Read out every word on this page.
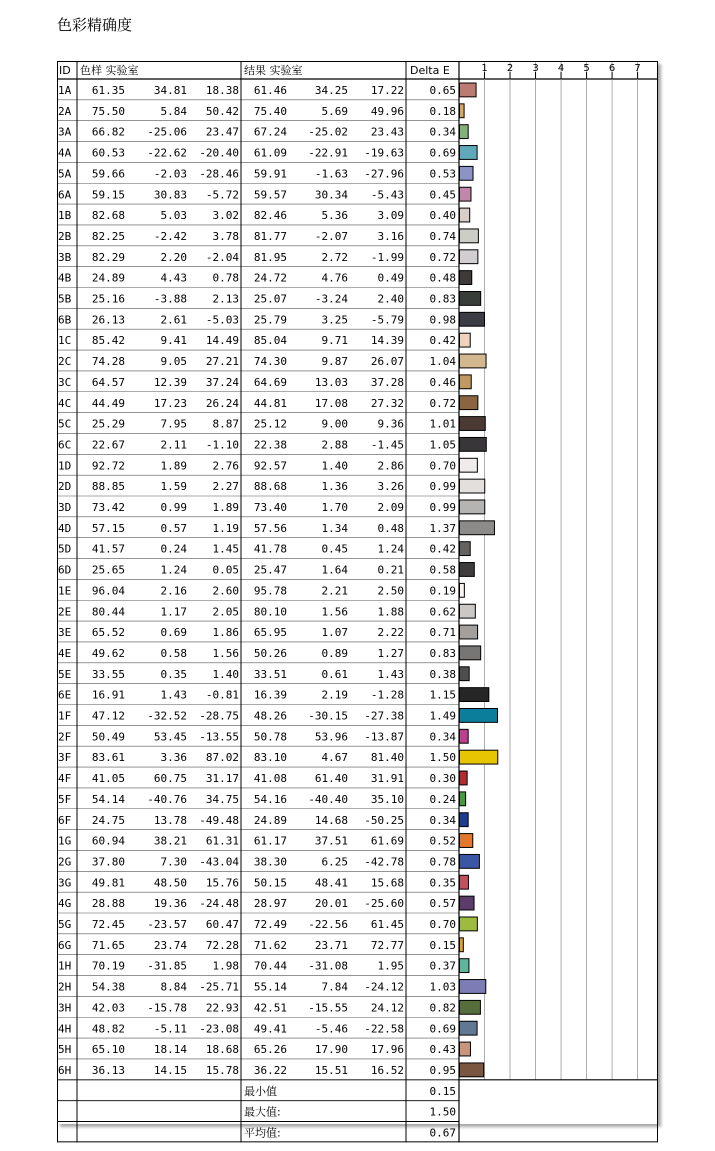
色彩精确度
ID 色样 实验室	结果 实验室	Delta E	1 2 3 4 5 6 7
1A 61.35	34.81 18.38 61.46	34.25 17.22 0.65
2A 75.50	5.84 50.42 75.40	5.69 49.96 0.18
3A 66.82 -25.06 23.47 67.24 -25.02 23.43 0.34
4A 60.53 -22.62 -20.40 61.09 -22.91 -19.63 0.69
5A 59.66	-2.03 -28.46 59.91	-1.63 -27.96 0.53
6A 59.15	30.83 -5.72 59.57	30.34 -5.43 0.45
1B 82.68	5.03 3.02 82.46	5.36	3.09 0.40
2B 82.25	-2.42 3.78 81.77	-2.07	3.16 0.74
3B 82.29	2.20 -2.04 81.95	2.72 -1.99 0.72
4B 24.89	4.43 0.78 24.72	4.76	0.49 0.48
5B 25.16	-3.88 2.13 25.07	-3.24	2.40 0.83
6B 26.13	2.61 -5.03 25.79	3.25 -5.79 0.98
1C 85.42	9.41 14.49 85.04	9.71 14.39 0.42
2C 74.28	9.05 27.21 74.30	9.87 26.07 1.04
3C 64.57	12.39 37.24 64.69	13.03 37.28 0.46
4C 44.49	17.23 26.24 44.81	17.08 27.32 0.72
5C 25.29	7.95 8.87 25.12	9.00	9.36 1.01
6C 22.67	2.11 -1.10 22.38	2.88 -1.45 1.05
1D 92.72	1.89 2.76 92.57	1.40	2.86 0.70
2D 88.85	1.59 2.27 88.68	1.36	3.26 0.99
3D 73.42	0.99 1.89 73.40	1.70	2.09 0.99
4D 57.15	0.57 1.19 57.56	1.34	0.48 1.37
5D 41.57	0.24 1.45 41.78	0.45	1.24 0.42
6D 25.65	1.24 0.05 25.47	1.64	0.21 0.58
1E 96.04	2.16 2.60 95.78	2.21	2.50 0.19
2E 80.44	1.17 2.05 80.10	1.56	1.88 0.62
3E 65.52	0.69 1.86 65.95	1.07	2.22 0.71
4E 49.62	0.58 1.56 50.26	0.89	1.27 0.83
5E 33.55	0.35 1.40 33.51	0.61	1.43 0.38
6E 16.91	1.43 -0.81 16.39	2.19 -1.28 1.15
1F 47.12 -32.52 -28.75 48.26 -30.15 -27.38 1.49
2F 50.49	53.45 -13.55 50.78	53.96 -13.87 0.34
3F 83.61	3.36 87.02 83.10	4.67 81.40 1.50
4F 41.05	60.75 31.17 41.08	61.40 31.91 0.30
5F 54.14 -40.76 34.75 54.16 -40.40 35.10 0.24
6F 24.75	13.78 -49.48 24.89	14.68 -50.25 0.34
1G 60.94	38.21 61.31 61.17	37.51 61.69 0.52
2G 37.80	7.30 -43.04 38.30	6.25 -42.78 0.78
3G 49.81	48.50 15.76 50.15	48.41 15.68 0.35
4G 28.88	19.36 -24.48 28.97	20.01 -25.60 0.57
5G 72.45 -23.57 60.47 72.49 -22.56 61.45 0.70
6G 71.65	23.74 72.28 71.62	23.71 72.77 0.15
1H 70.19 -31.85 1.98 70.44 -31.08	1.95 0.37
2H 54.38	8.84 -25.71 55.14	7.84 -24.12 1.03
3H 42.03 -15.78 22.93 42.51 -15.55 24.12 0.82
4H 48.82	-5.11 -23.08 49.41	-5.46 -22.58 0.69
5H 65.10	18.14 18.68 65.26	17.90 17.96 0.43
6H 36.13	14.15 15.78 36.22	15.51 16.52 0.95
最小值	0.15
最大值:	1.50
平均值:	0.67
